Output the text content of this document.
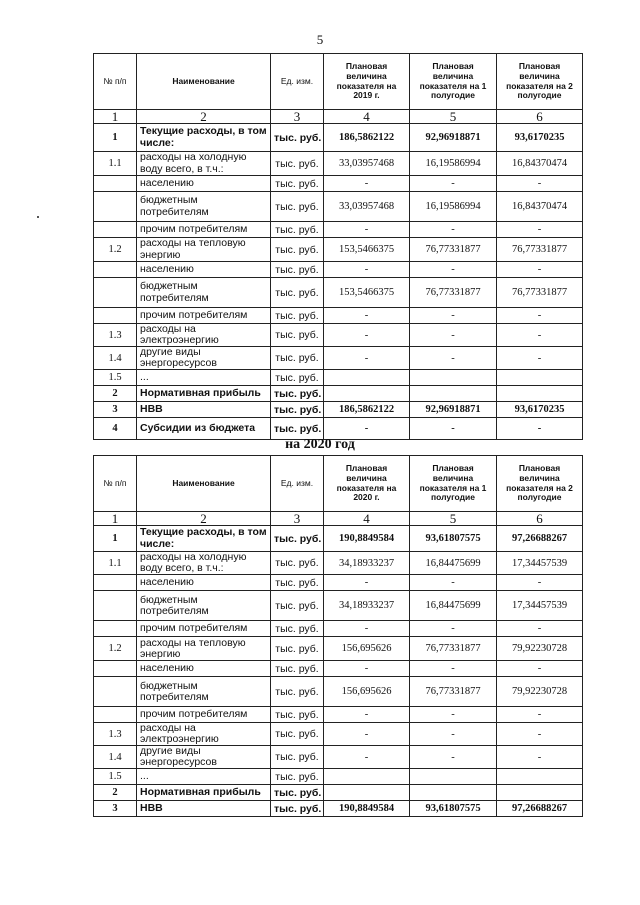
5
№ п/п	Наименование	Ед. изм.	Плановая величина показателя на 2019 г.	Плановая величина показателя на 1 полугодие	Плановая величина показателя на 2 полугодие
1	2	3	4	5	6
1	Текущие расходы, в том числе:	тыс. руб.	186,5862122	92,96918871	93,6170235
1.1	расходы на холодную воду всего, в т.ч.:	тыс. руб.	33,03957468	16,19586994	16,84370474
	населению	тыс. руб.	-	-	-
	бюджетным потребителям	тыс. руб.	33,03957468	16,19586994	16,84370474
	прочим потребителям	тыс. руб.	-	-	-
1.2	расходы на тепловую энергию	тыс. руб.	153,5466375	76,77331877	76,77331877
	населению	тыс. руб.	-	-	-
	бюджетным потребителям	тыс. руб.	153,5466375	76,77331877	76,77331877
	прочим потребителям	тыс. руб.	-	-	-
1.3	расходы на электроэнергию	тыс. руб.	-	-	-
1.4	другие виды энергоресурсов	тыс. руб.	-	-	-
1.5	...	тыс. руб.			
2	Нормативная прибыль	тыс. руб.			
3	НВВ	тыс. руб.	186,5862122	92,96918871	93,6170235
4	Субсидии из бюджета	тыс. руб.	-	-	-
на 2020 год
№ п/п	Наименование	Ед. изм.	Плановая величина показателя на 2020 г.	Плановая величина показателя на 1 полугодие	Плановая величина показателя на 2 полугодие
1	2	3	4	5	6
1	Текущие расходы, в том числе:	тыс. руб.	190,8849584	93,61807575	97,26688267
1.1	расходы на холодную воду всего, в т.ч.:	тыс. руб.	34,18933237	16,84475699	17,34457539
	населению	тыс. руб.	-	-	-
	бюджетным потребителям	тыс. руб.	34,18933237	16,84475699	17,34457539
	прочим потребителям	тыс. руб.	-	-	-
1.2	расходы на тепловую энергию	тыс. руб.	156,695626	76,77331877	79,92230728
	населению	тыс. руб.	-	-	-
	бюджетным потребителям	тыс. руб.	156,695626	76,77331877	79,92230728
	прочим потребителям	тыс. руб.	-	-	-
1.3	расходы на электроэнергию	тыс. руб.	-	-	-
1.4	другие виды энергоресурсов	тыс. руб.	-	-	-
1.5	...	тыс. руб.			
2	Нормативная прибыль	тыс. руб.			
3	НВВ	тыс. руб.	190,8849584	93,61807575	97,26688267
